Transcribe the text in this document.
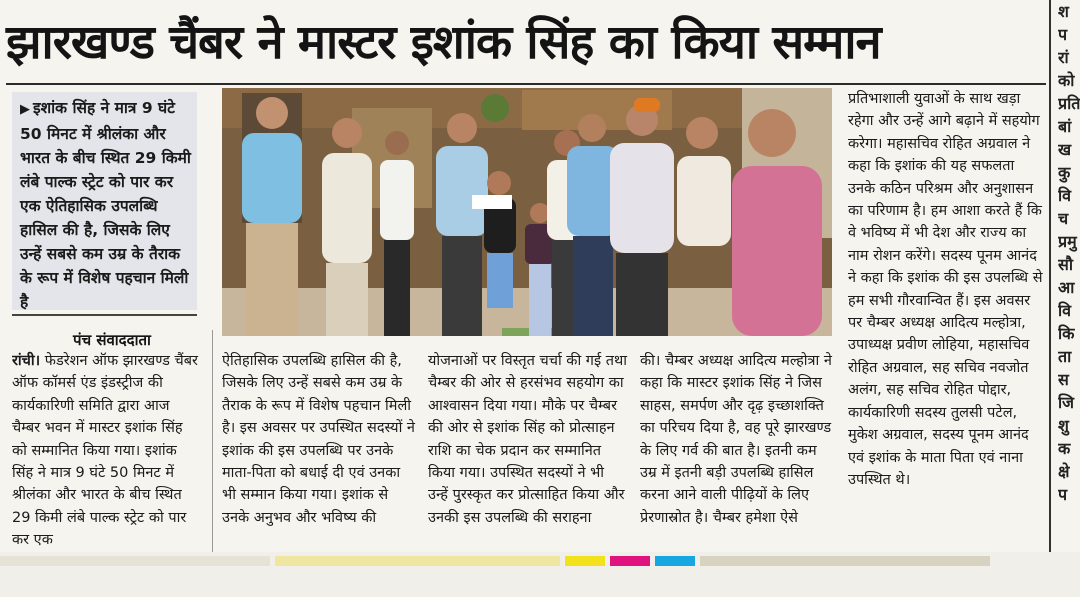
झारखण्ड चैंबर ने मास्टर इशांक सिंह का किया सम्मान
श प रां को प्रति बां ख कु वि च प्रमु सौ आ वि कि ता स जि शु क क्षे प
▶ इशांक सिंह ने मात्र 9 घंटे 50 मिनट में श्रीलंका और भारत के बीच स्थित 29 किमी लंबे पाल्क स्ट्रेट को पार कर एक ऐतिहासिक उपलब्धि हासिल की है, जिसके लिए उन्हें सबसे कम उम्र के तैराक के रूप में विशेष पहचान मिली है
पंच संवाददाता
रांची। फेडरेशन ऑफ झारखण्ड चैंबर ऑफ कॉमर्स एंड इंडस्ट्रीज की कार्यकारिणी समिति द्वारा आज चैम्बर भवन में मास्टर इशांक सिंह को सम्मानित किया गया। इशांक सिंह ने मात्र 9 घंटे 50 मिनट में श्रीलंका और भारत के बीच स्थित 29 किमी लंबे पाल्क स्ट्रेट को पार कर एक
ऐतिहासिक उपलब्धि हासिल की है, जिसके लिए उन्हें सबसे कम उम्र के तैराक के रूप में विशेष पहचान मिली है। इस अवसर पर उपस्थित सदस्यों ने इशांक की इस उपलब्धि पर उनके माता-पिता को बधाई दी एवं उनका भी सम्मान किया गया। इशांक से उनके अनुभव और भविष्य की
योजनाओं पर विस्तृत चर्चा की गई तथा चैम्बर की ओर से हरसंभव सहयोग का आश्वासन दिया गया। मौके पर चैम्बर की ओर से इशांक सिंह को प्रोत्साहन राशि का चेक प्रदान कर सम्मानित किया गया। उपस्थित सदस्यों ने भी उन्हें पुरस्कृत कर प्रोत्साहित किया और उनकी इस उपलब्धि की सराहना
की। चैम्बर अध्यक्ष आदित्य मल्होत्रा ने कहा कि मास्टर इशांक सिंह ने जिस साहस, समर्पण और दृढ़ इच्छाशक्ति का परिचय दिया है, वह पूरे झारखण्ड के लिए गर्व की बात है। इतनी कम उम्र में इतनी बड़ी उपलब्धि हासिल करना आने वाली पीढ़ियों के लिए प्रेरणास्रोत है। चैम्बर हमेशा ऐसे
प्रतिभाशाली युवाओं के साथ खड़ा रहेगा और उन्हें आगे बढ़ाने में सहयोग करेगा। महासचिव रोहित अग्रवाल ने कहा कि इशांक की यह सफलता उनके कठिन परिश्रम और अनुशासन का परिणाम है। हम आशा करते हैं कि वे भविष्य में भी देश और राज्य का नाम रोशन करेंगे। सदस्य पूनम आनंद ने कहा कि इशांक की इस उपलब्धि से हम सभी गौरवान्वित हैं। इस अवसर पर चैम्बर अध्यक्ष आदित्य मल्होत्रा, उपाध्यक्ष प्रवीण लोहिया, महासचिव रोहित अग्रवाल, सह सचिव नवजोत अलंग, सह सचिव रोहित पोद्दार, कार्यकारिणी सदस्य तुलसी पटेल, मुकेश अग्रवाल, सदस्य पूनम आनंद एवं इशांक के माता पिता एवं नाना उपस्थित थे।
